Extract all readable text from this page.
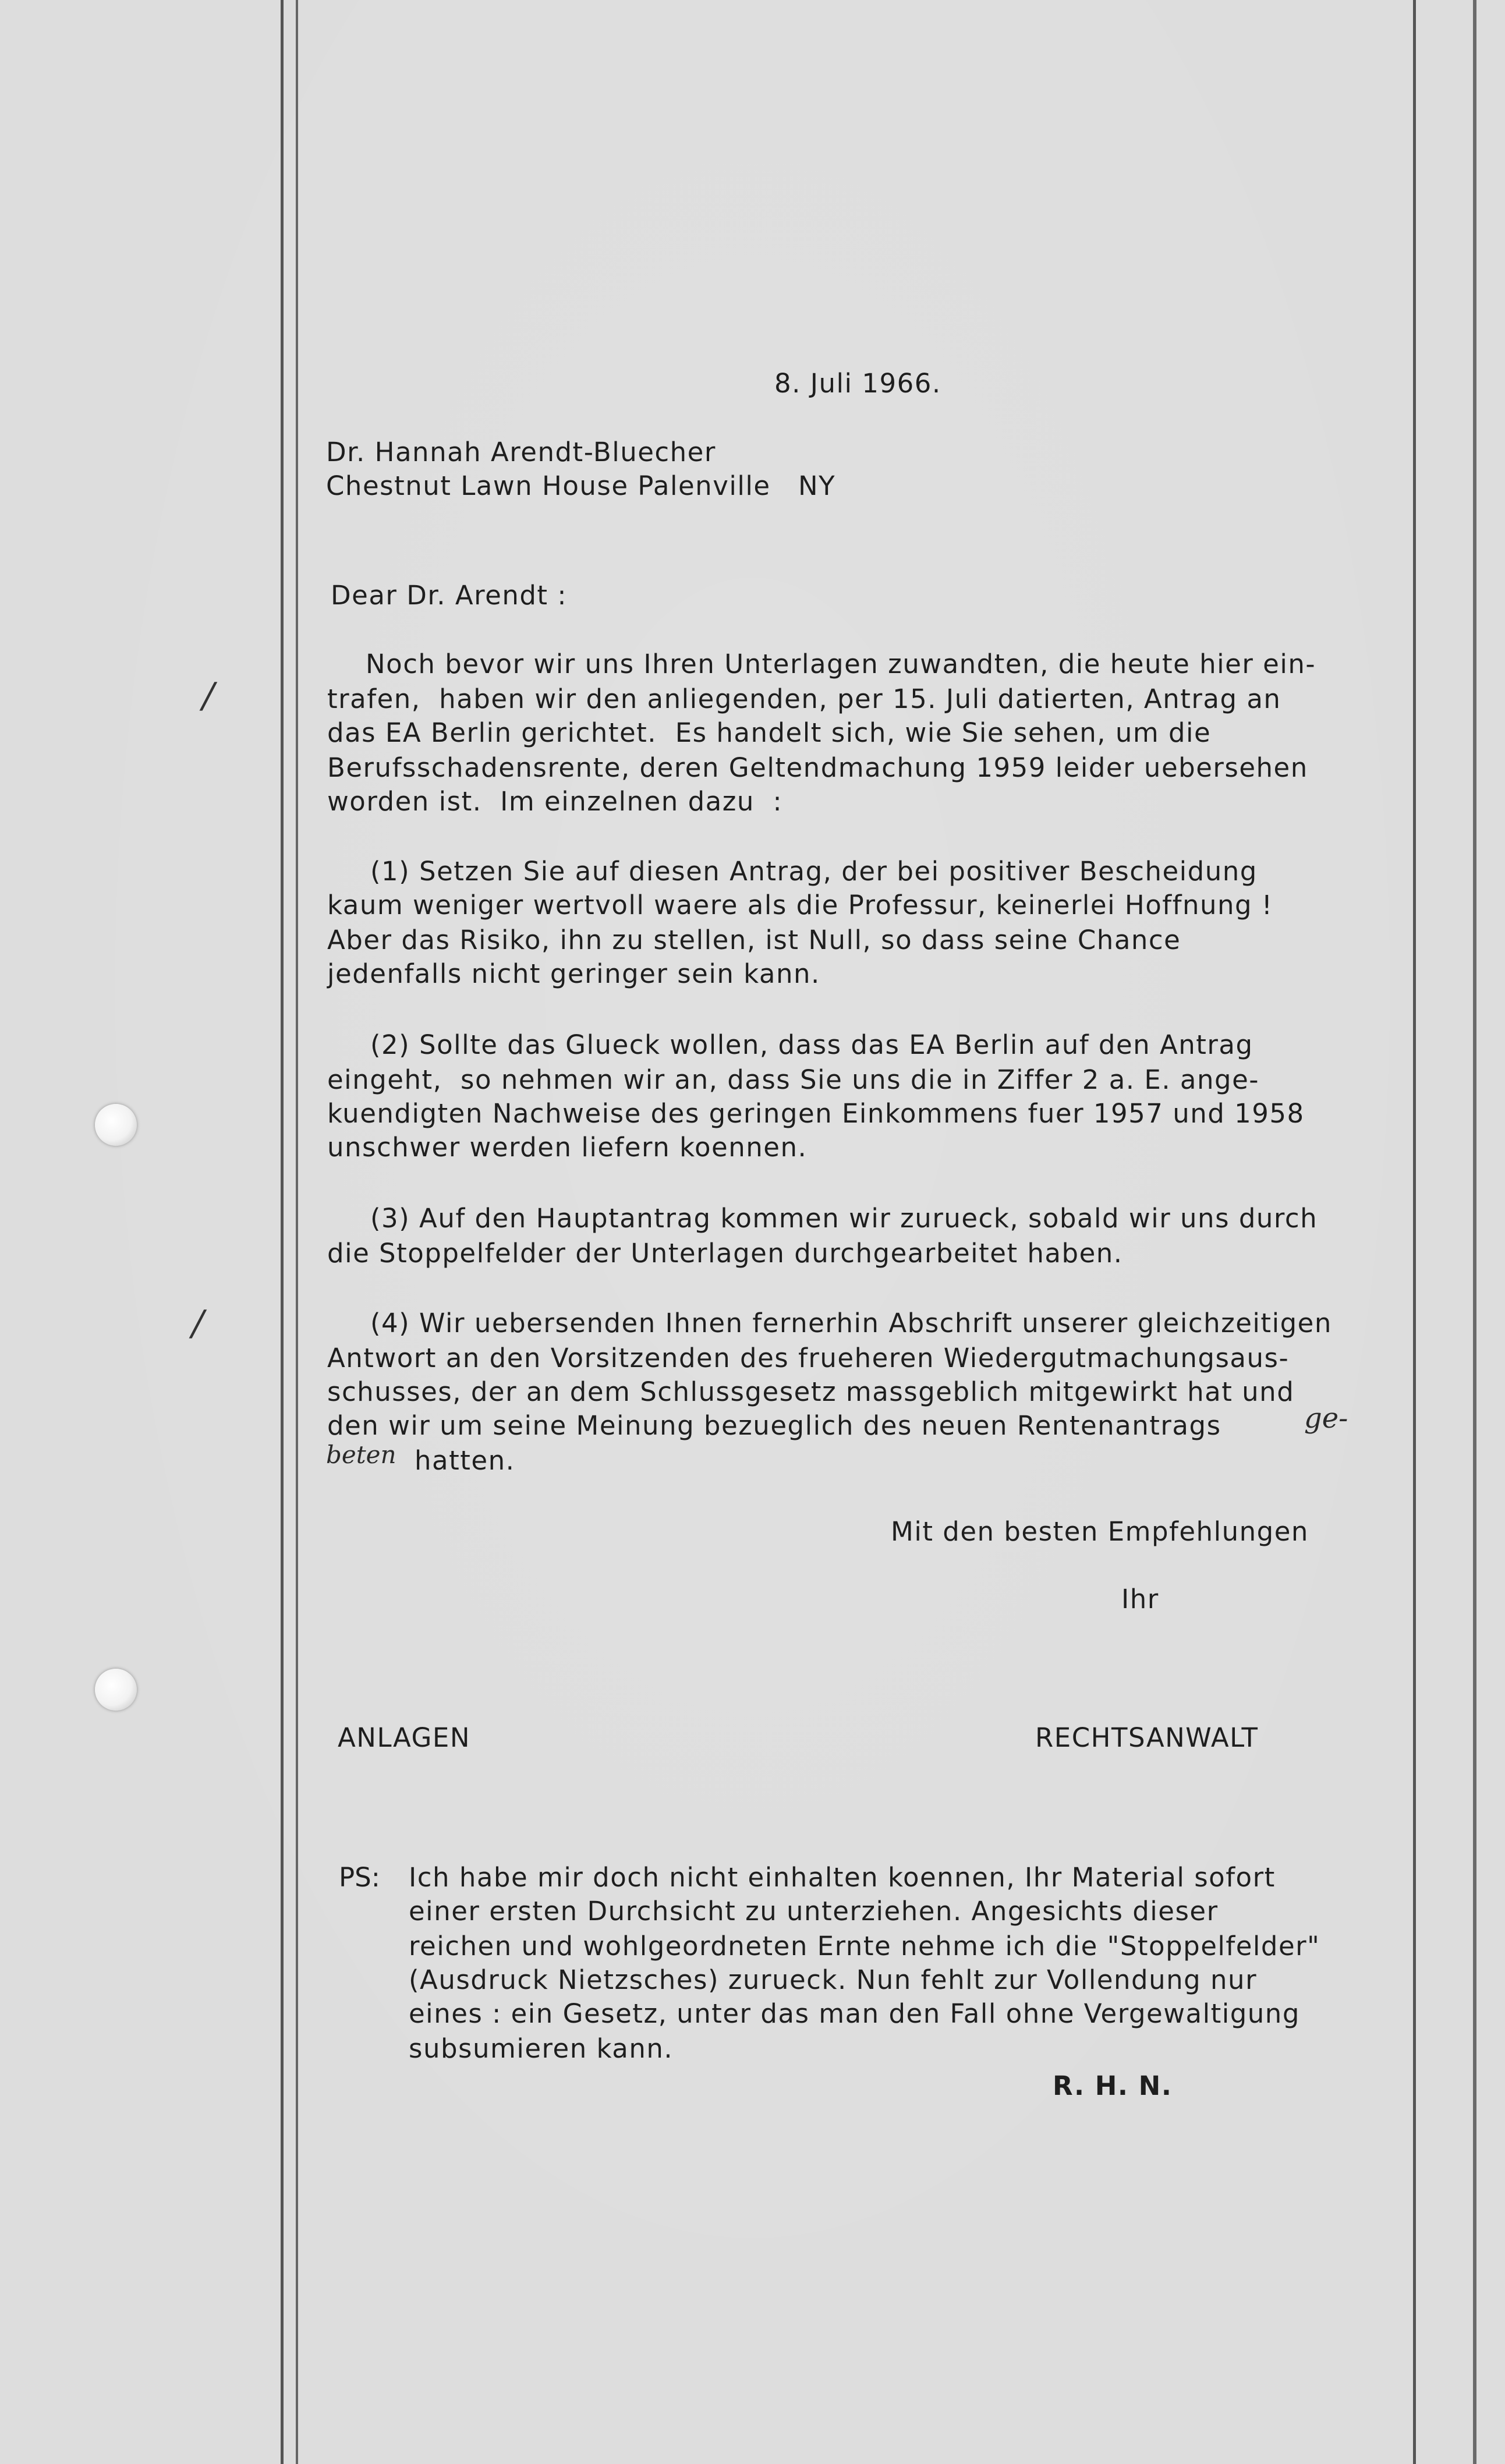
/
/
8. Juli 1966.
Dr. Hannah Arendt-Bluecher
Chestnut Lawn House Palenville   NY
Dear Dr. Arendt :
Noch bevor wir uns Ihren Unterlagen zuwandten, die heute hier ein-
trafen,  haben wir den anliegenden, per 15. Juli datierten, Antrag an
das EA Berlin gerichtet.  Es handelt sich, wie Sie sehen, um die
Berufsschadensrente, deren Geltendmachung 1959 leider uebersehen
worden ist.  Im einzelnen dazu  :
(1) Setzen Sie auf diesen Antrag, der bei positiver Bescheidung
kaum weniger wertvoll waere als die Professur, keinerlei Hoffnung !
Aber das Risiko, ihn zu stellen, ist Null, so dass seine Chance
jedenfalls nicht geringer sein kann.
(2) Sollte das Glueck wollen, dass das EA Berlin auf den Antrag
eingeht,  so nehmen wir an, dass Sie uns die in Ziffer 2 a. E. ange-
kuendigten Nachweise des geringen Einkommens fuer 1957 und 1958
unschwer werden liefern koennen.
(3) Auf den Hauptantrag kommen wir zurueck, sobald wir uns durch
die Stoppelfelder der Unterlagen durchgearbeitet haben.
(4) Wir uebersenden Ihnen fernerhin Abschrift unserer gleichzeitigen
Antwort an den Vorsitzenden des frueheren Wiedergutmachungsaus-
schusses, der an dem Schlussgesetz massgeblich mitgewirkt hat und
den wir um seine Meinung bezueglich des neuen Rentenantrags
hatten.
ge-
beten
Mit den besten Empfehlungen
Ihr
ANLAGEN	RECHTSANWALT
PS: Ich habe mir doch nicht einhalten koennen, Ihr Material sofort
einer ersten Durchsicht zu unterziehen. Angesichts dieser
reichen und wohlgeordneten Ernte nehme ich die "Stoppelfelder"
(Ausdruck Nietzsches) zurueck. Nun fehlt zur Vollendung nur
eines : ein Gesetz, unter das man den Fall ohne Vergewaltigung
subsumieren kann.
R. H. N.
